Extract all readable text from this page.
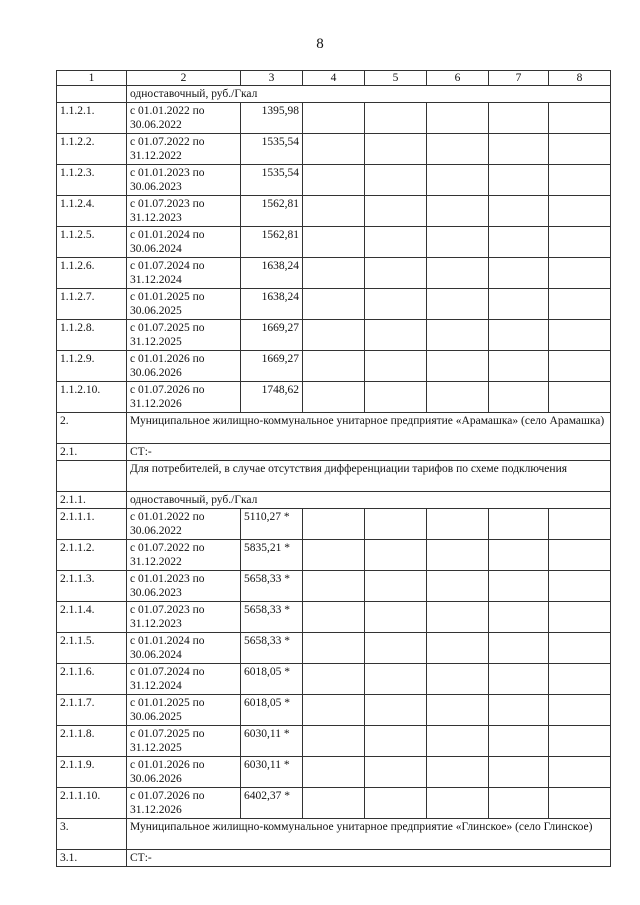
8
1	2	3	4	5	6	7	8
	одноставочный, руб./Гкал						
1.1.2.1.	с 01.01.2022 по 30.06.2022	1395,98					
1.1.2.2.	с 01.07.2022 по 31.12.2022	1535,54					
1.1.2.3.	с 01.01.2023 по 30.06.2023	1535,54					
1.1.2.4.	с 01.07.2023 по 31.12.2023	1562,81					
1.1.2.5.	с 01.01.2024 по 30.06.2024	1562,81					
1.1.2.6.	с 01.07.2024 по 31.12.2024	1638,24					
1.1.2.7.	с 01.01.2025 по 30.06.2025	1638,24					
1.1.2.8.	с 01.07.2025 по 31.12.2025	1669,27					
1.1.2.9.	с 01.01.2026 по 30.06.2026	1669,27					
1.1.2.10.	с 01.07.2026 по 31.12.2026	1748,62					
2.	Муниципальное жилищно-коммунальное унитарное предприятие «Арамашка» (село Арамашка)						
2.1.	СТ:-						
	Для потребителей, в случае отсутствия дифференциации тарифов по схеме подключения						
2.1.1.	одноставочный, руб./Гкал						
2.1.1.1.	с 01.01.2022 по 30.06.2022	5110,27 *					
2.1.1.2.	с 01.07.2022 по 31.12.2022	5835,21 *					
2.1.1.3.	с 01.01.2023 по 30.06.2023	5658,33 *					
2.1.1.4.	с 01.07.2023 по 31.12.2023	5658,33 *					
2.1.1.5.	с 01.01.2024 по 30.06.2024	5658,33 *					
2.1.1.6.	с 01.07.2024 по 31.12.2024	6018,05 *					
2.1.1.7.	с 01.01.2025 по 30.06.2025	6018,05 *					
2.1.1.8.	с 01.07.2025 по 31.12.2025	6030,11 *					
2.1.1.9.	с 01.01.2026 по 30.06.2026	6030,11 *					
2.1.1.10.	с 01.07.2026 по 31.12.2026	6402,37 *					
3.	Муниципальное жилищно-коммунальное унитарное предприятие «Глинское» (село Глинское)						
3.1.	СТ:-						
